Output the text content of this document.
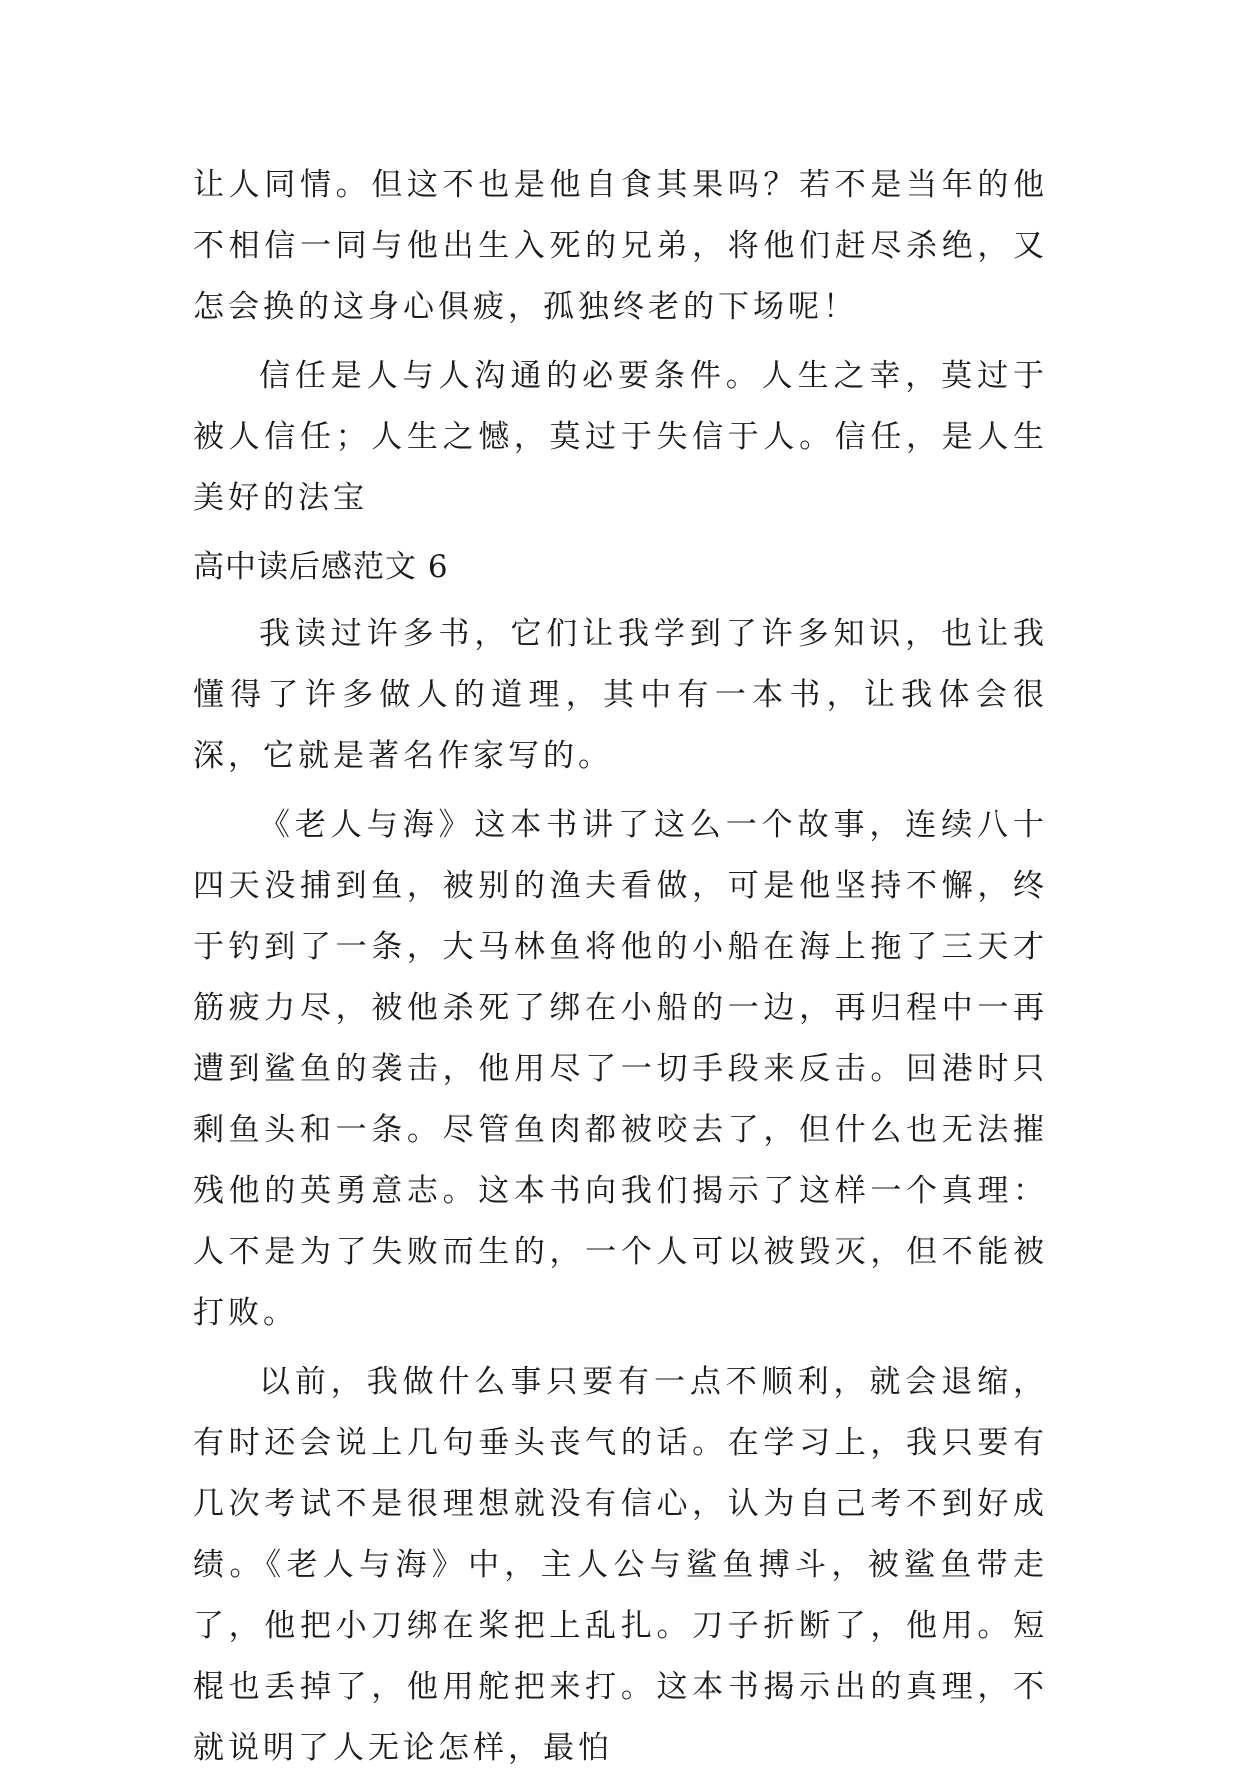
让人同情。但这不也是他自食其果吗？若不是当年的他不相信一同与他出生入死的兄弟，将他们赶尽杀绝，又怎会换的这身心俱疲，孤独终老的下场呢！

信任是人与人沟通的必要条件。人生之幸，莫过于被人信任；人生之憾，莫过于失信于人。信任，是人生美好的法宝

高中读后感范文 6

我读过许多书，它们让我学到了许多知识，也让我懂得了许多做人的道理，其中有一本书，让我体会很深，它就是著名作家写的。

《老人与海》这本书讲了这么一个故事，连续八十四天没捕到鱼，被别的渔夫看做，可是他坚持不懈，终于钓到了一条，大马林鱼将他的小船在海上拖了三天才筋疲力尽，被他杀死了绑在小船的一边，再归程中一再遭到鲨鱼的袭击，他用尽了一切手段来反击。回港时只剩鱼头和一条。尽管鱼肉都被咬去了，但什么也无法摧残他的英勇意志。这本书向我们揭示了这样一个真理：人不是为了失败而生的，一个人可以被毁灭，但不能被打败。

以前，我做什么事只要有一点不顺利，就会退缩，有时还会说上几句垂头丧气的话。在学习上，我只要有几次考试不是很理想就没有信心，认为自己考不到好成绩。《老人与海》中，主人公与鲨鱼搏斗，被鲨鱼带走了，他把小刀绑在桨把上乱扎。刀子折断了，他用。短棍也丢掉了，他用舵把来打。这本书揭示出的真理，不就说明了人无论怎样，最怕
